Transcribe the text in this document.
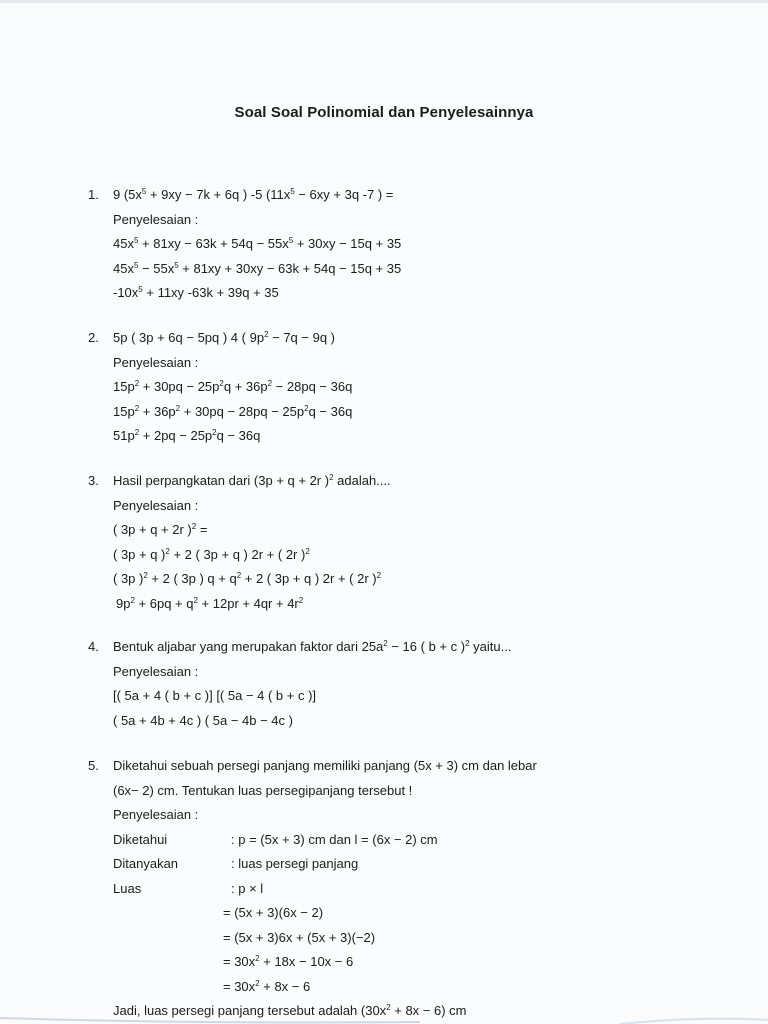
Soal Soal Polinomial dan Penyelesainnya
1. 9 ($5x^5 + 9xy - 7k + 6q$ ) -5 ($11x^5 - 6xy + 3q$ -7 ) =
Penyelesaian :
$45x^5 + 81xy - 63k + 54q - 55x^5 + 30xy - 15q + 35$
$45x^5 - 55x^5 + 81xy + 30xy - 63k + 54q - 15q + 35$
$-10x^5 + 11xy$ -63k + 39q + 35
2. 5p ( 3p + 6q − 5pq ) 4 ( $9p^2 - 7q - 9q$ )
Penyelesaian :
$15p^2 + 30pq - 25p^2q + 36p^2 - 28pq - 36q$
$15p^2 + 36p^2 + 30pq - 28pq - 25p^2q - 36q$
$51p^2 + 2pq - 25p^2q - 36q$
3. Hasil perpangkatan dari (3p + q + 2r )$^2$ adalah....
Penyelesaian :
( 3p + q + 2r )$^2$ =
( 3p + q )$^2$ + 2 ( 3p + q ) 2r + ( 2r )$^2$
( 3p )$^2$ + 2 ( 3p ) $q + q^2 + 2$ ( 3p + q ) 2r + ( 2r )$^2$
$9p^2 + 6pq + q^2 + 12pr + 4qr + 4r^2$
4. Bentuk aljabar yang merupakan faktor dari $25a^2 - 16$ ( b + c )$^2$ yaitu...
Penyelesaian :
[( 5a + 4 ( b + c )] [( 5a − 4 ( b + c )]
( 5a + 4b + 4c ) ( 5a − 4b − 4c )
5. Diketahui sebuah persegi panjang memiliki panjang (5x + 3) cm dan lebar
(6x− 2) cm. Tentukan luas persegipanjang tersebut !
Penyelesaian :
Diketahui	: p = (5x + 3) cm dan l = (6x − 2) cm
Ditanyakan	: luas persegi panjang
Luas	: p × l
= (5x + 3)(6x − 2)
= (5x + 3)6x + (5x + 3)(−2)
= $30x^2 + 18x - 10x - 6$
= $30x^2 + 8x - 6$
Jadi, luas persegi panjang tersebut adalah $(30x^2 + 8x - 6)$ cm
